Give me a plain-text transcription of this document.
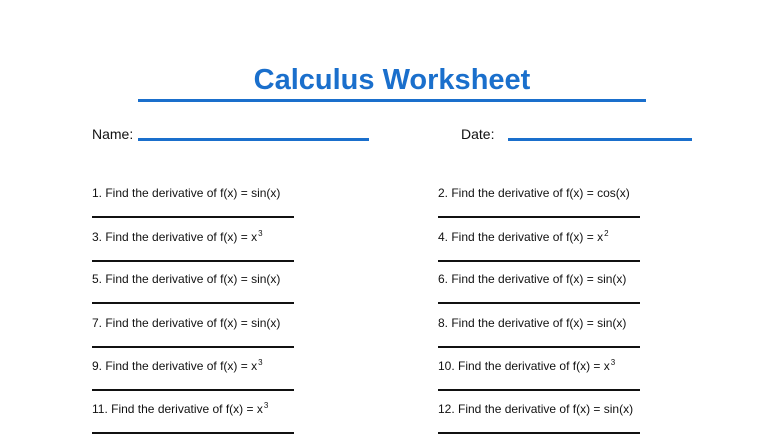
Calculus Worksheet
Name:	Date:
1. Find the derivative of f(x) = sin(x)	2. Find the derivative of f(x) = cos(x)
3. Find the derivative of $f(x) = x^3$	4. Find the derivative of $f(x) = x^2$
5. Find the derivative of f(x) = sin(x)	6. Find the derivative of f(x) = sin(x)
7. Find the derivative of f(x) = sin(x)	8. Find the derivative of f(x) = sin(x)
9. Find the derivative of $f(x) = x^3$	10. Find the derivative of $f(x) = x^3$
11. Find the derivative of $f(x) = x^3$	12. Find the derivative of f(x) = sin(x)
